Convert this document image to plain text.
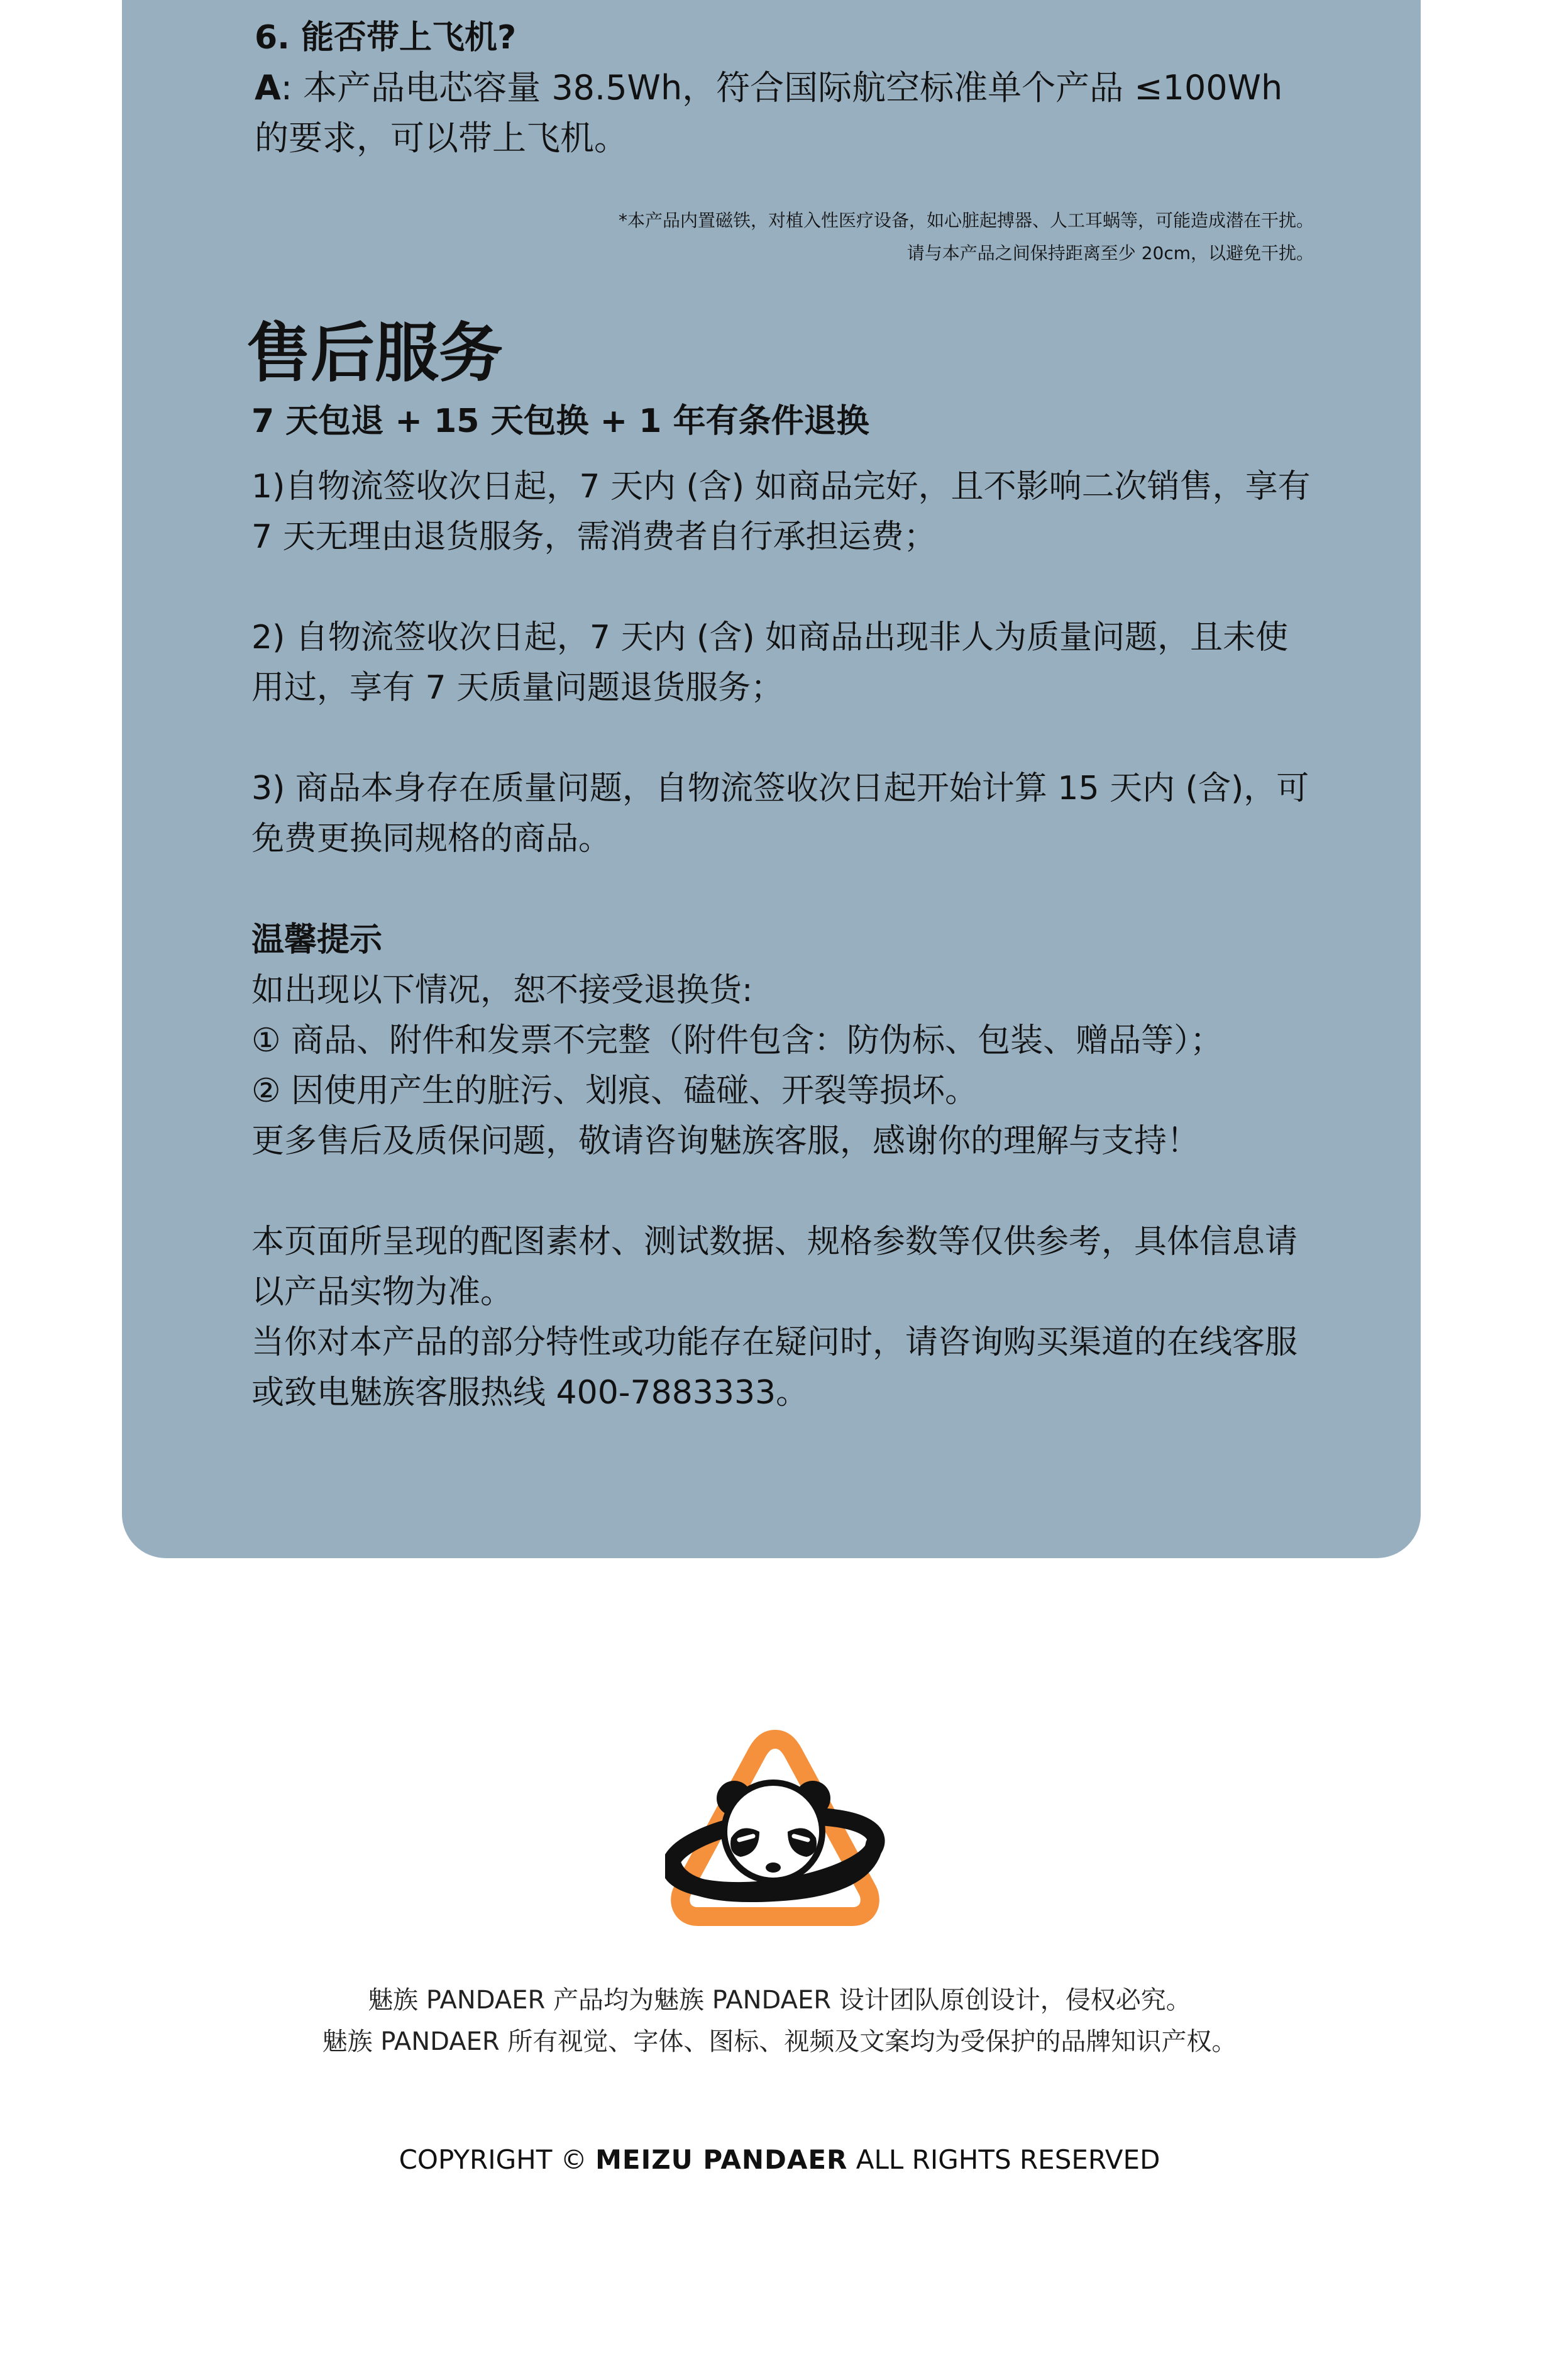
6. 能否带上飞机?
A: 本产品电芯容量 38.5Wh，符合国际航空标准单个产品 ≤100Wh 的要求，可以带上飞机。
*本产品内置磁铁，对植入性医疗设备，如心脏起搏器、人工耳蜗等，可能造成潜在干扰。
请与本产品之间保持距离至少 20cm，以避免干扰。
售后服务
7 天包退 + 15 天包换 + 1 年有条件退换

1)自物流签收次日起，7 天内 (含) 如商品完好，且不影响二次销售，享有 7 天无理由退货服务，需消费者自行承担运费；

2) 自物流签收次日起，7 天内 (含) 如商品出现非人为质量问题，且未使用过，享有 7 天质量问题退货服务；

3) 商品本身存在质量问题，自物流签收次日起开始计算 15 天内 (含)，可免费更换同规格的商品。

温馨提示
如出现以下情况，恕不接受退换货:
① 商品、附件和发票不完整（附件包含：防伪标、包装、赠品等）；
② 因使用产生的脏污、划痕、磕碰、开裂等损坏。
更多售后及质保问题，敬请咨询魅族客服，感谢你的理解与支持！
本页面所呈现的配图素材、测试数据、规格参数等仅供参考，具体信息请以产品实物为准。
当你对本产品的部分特性或功能存在疑问时，请咨询购买渠道的在线客服或致电魅族客服热线 400-7883333。
魅族 PANDAER 产品均为魅族 PANDAER 设计团队原创设计，侵权必究。
魅族 PANDAER 所有视觉、字体、图标、视频及文案均为受保护的品牌知识产权。
COPYRIGHT © MEIZU PANDAER ALL RIGHTS RESERVED
